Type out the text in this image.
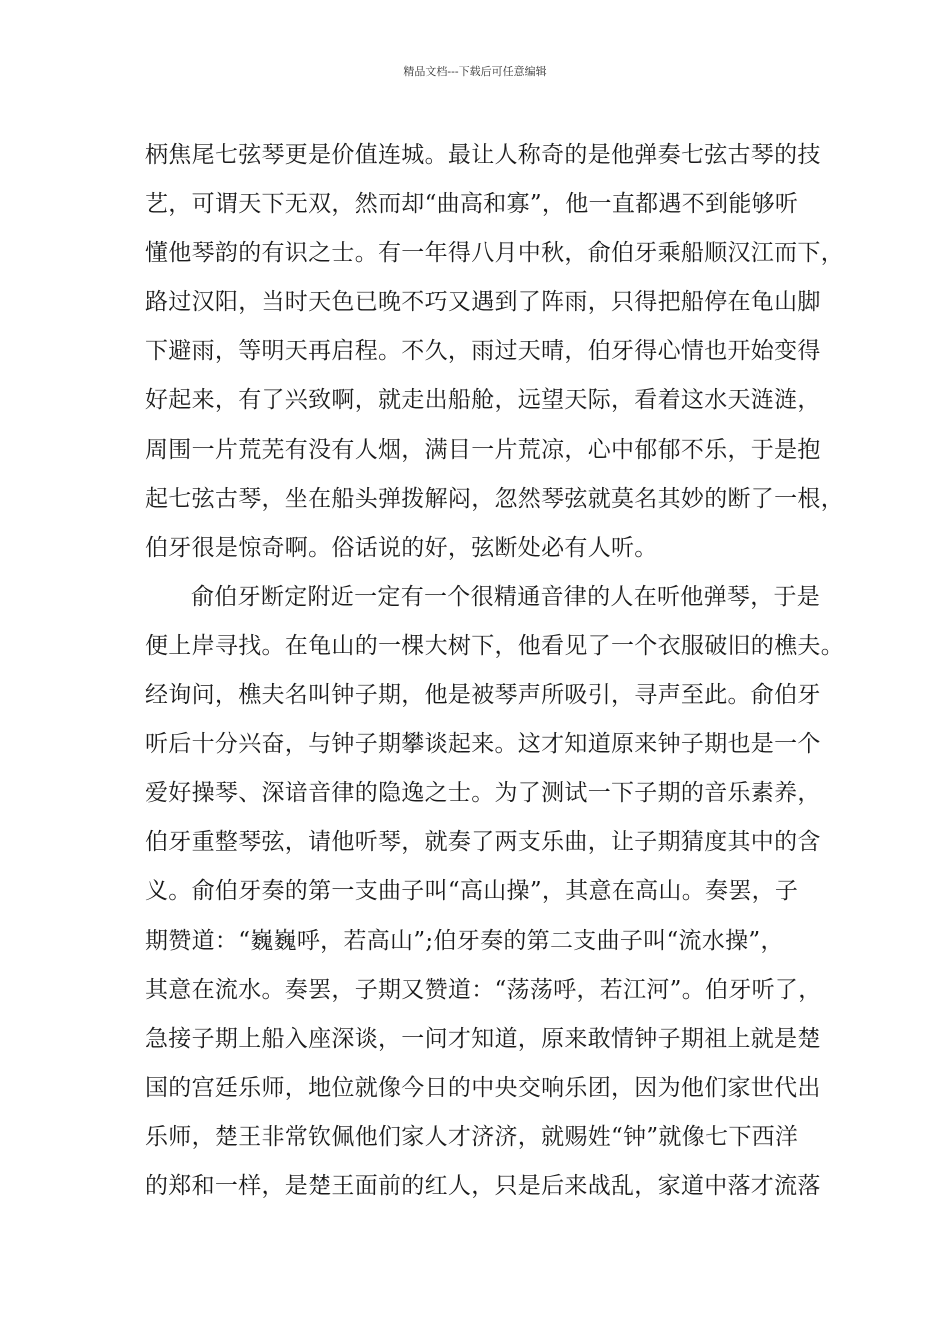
精品文档---下载后可任意编辑
柄焦尾七弦琴更是价值连城。最让人称奇的是他弹奏七弦古琴的技
艺，可谓天下无双，然而却“曲高和寡”，他一直都遇不到能够听
懂他琴韵的有识之士。有一年得八月中秋，俞伯牙乘船顺汉江而下，
路过汉阳，当时天色已晚不巧又遇到了阵雨，只得把船停在龟山脚
下避雨，等明天再启程。不久，雨过天晴，伯牙得心情也开始变得
好起来，有了兴致啊，就走出船舱，远望天际，看着这水天涟涟，
周围一片荒芜有没有人烟，满目一片荒凉，心中郁郁不乐，于是抱
起七弦古琴，坐在船头弹拨解闷，忽然琴弦就莫名其妙的断了一根，
伯牙很是惊奇啊。俗话说的好，弦断处必有人听。
俞伯牙断定附近一定有一个很精通音律的人在听他弹琴，于是
便上岸寻找。在龟山的一棵大树下，他看见了一个衣服破旧的樵夫。
经询问，樵夫名叫钟子期，他是被琴声所吸引，寻声至此。俞伯牙
听后十分兴奋，与钟子期攀谈起来。这才知道原来钟子期也是一个
爱好操琴、深谙音律的隐逸之士。为了测试一下子期的音乐素养，
伯牙重整琴弦，请他听琴，就奏了两支乐曲，让子期猜度其中的含
义。俞伯牙奏的第一支曲子叫“高山操”，其意在高山。奏罢，子
期赞道：“巍巍呼，若高山”;伯牙奏的第二支曲子叫“流水操”，
其意在流水。奏罢，子期又赞道：“荡荡呼，若江河”。伯牙听了，
急接子期上船入座深谈，一问才知道，原来敢情钟子期祖上就是楚
国的宫廷乐师，地位就像今日的中央交响乐团，因为他们家世代出
乐师，楚王非常钦佩他们家人才济济，就赐姓“钟”就像七下西洋
的郑和一样，是楚王面前的红人，只是后来战乱，家道中落才流落
